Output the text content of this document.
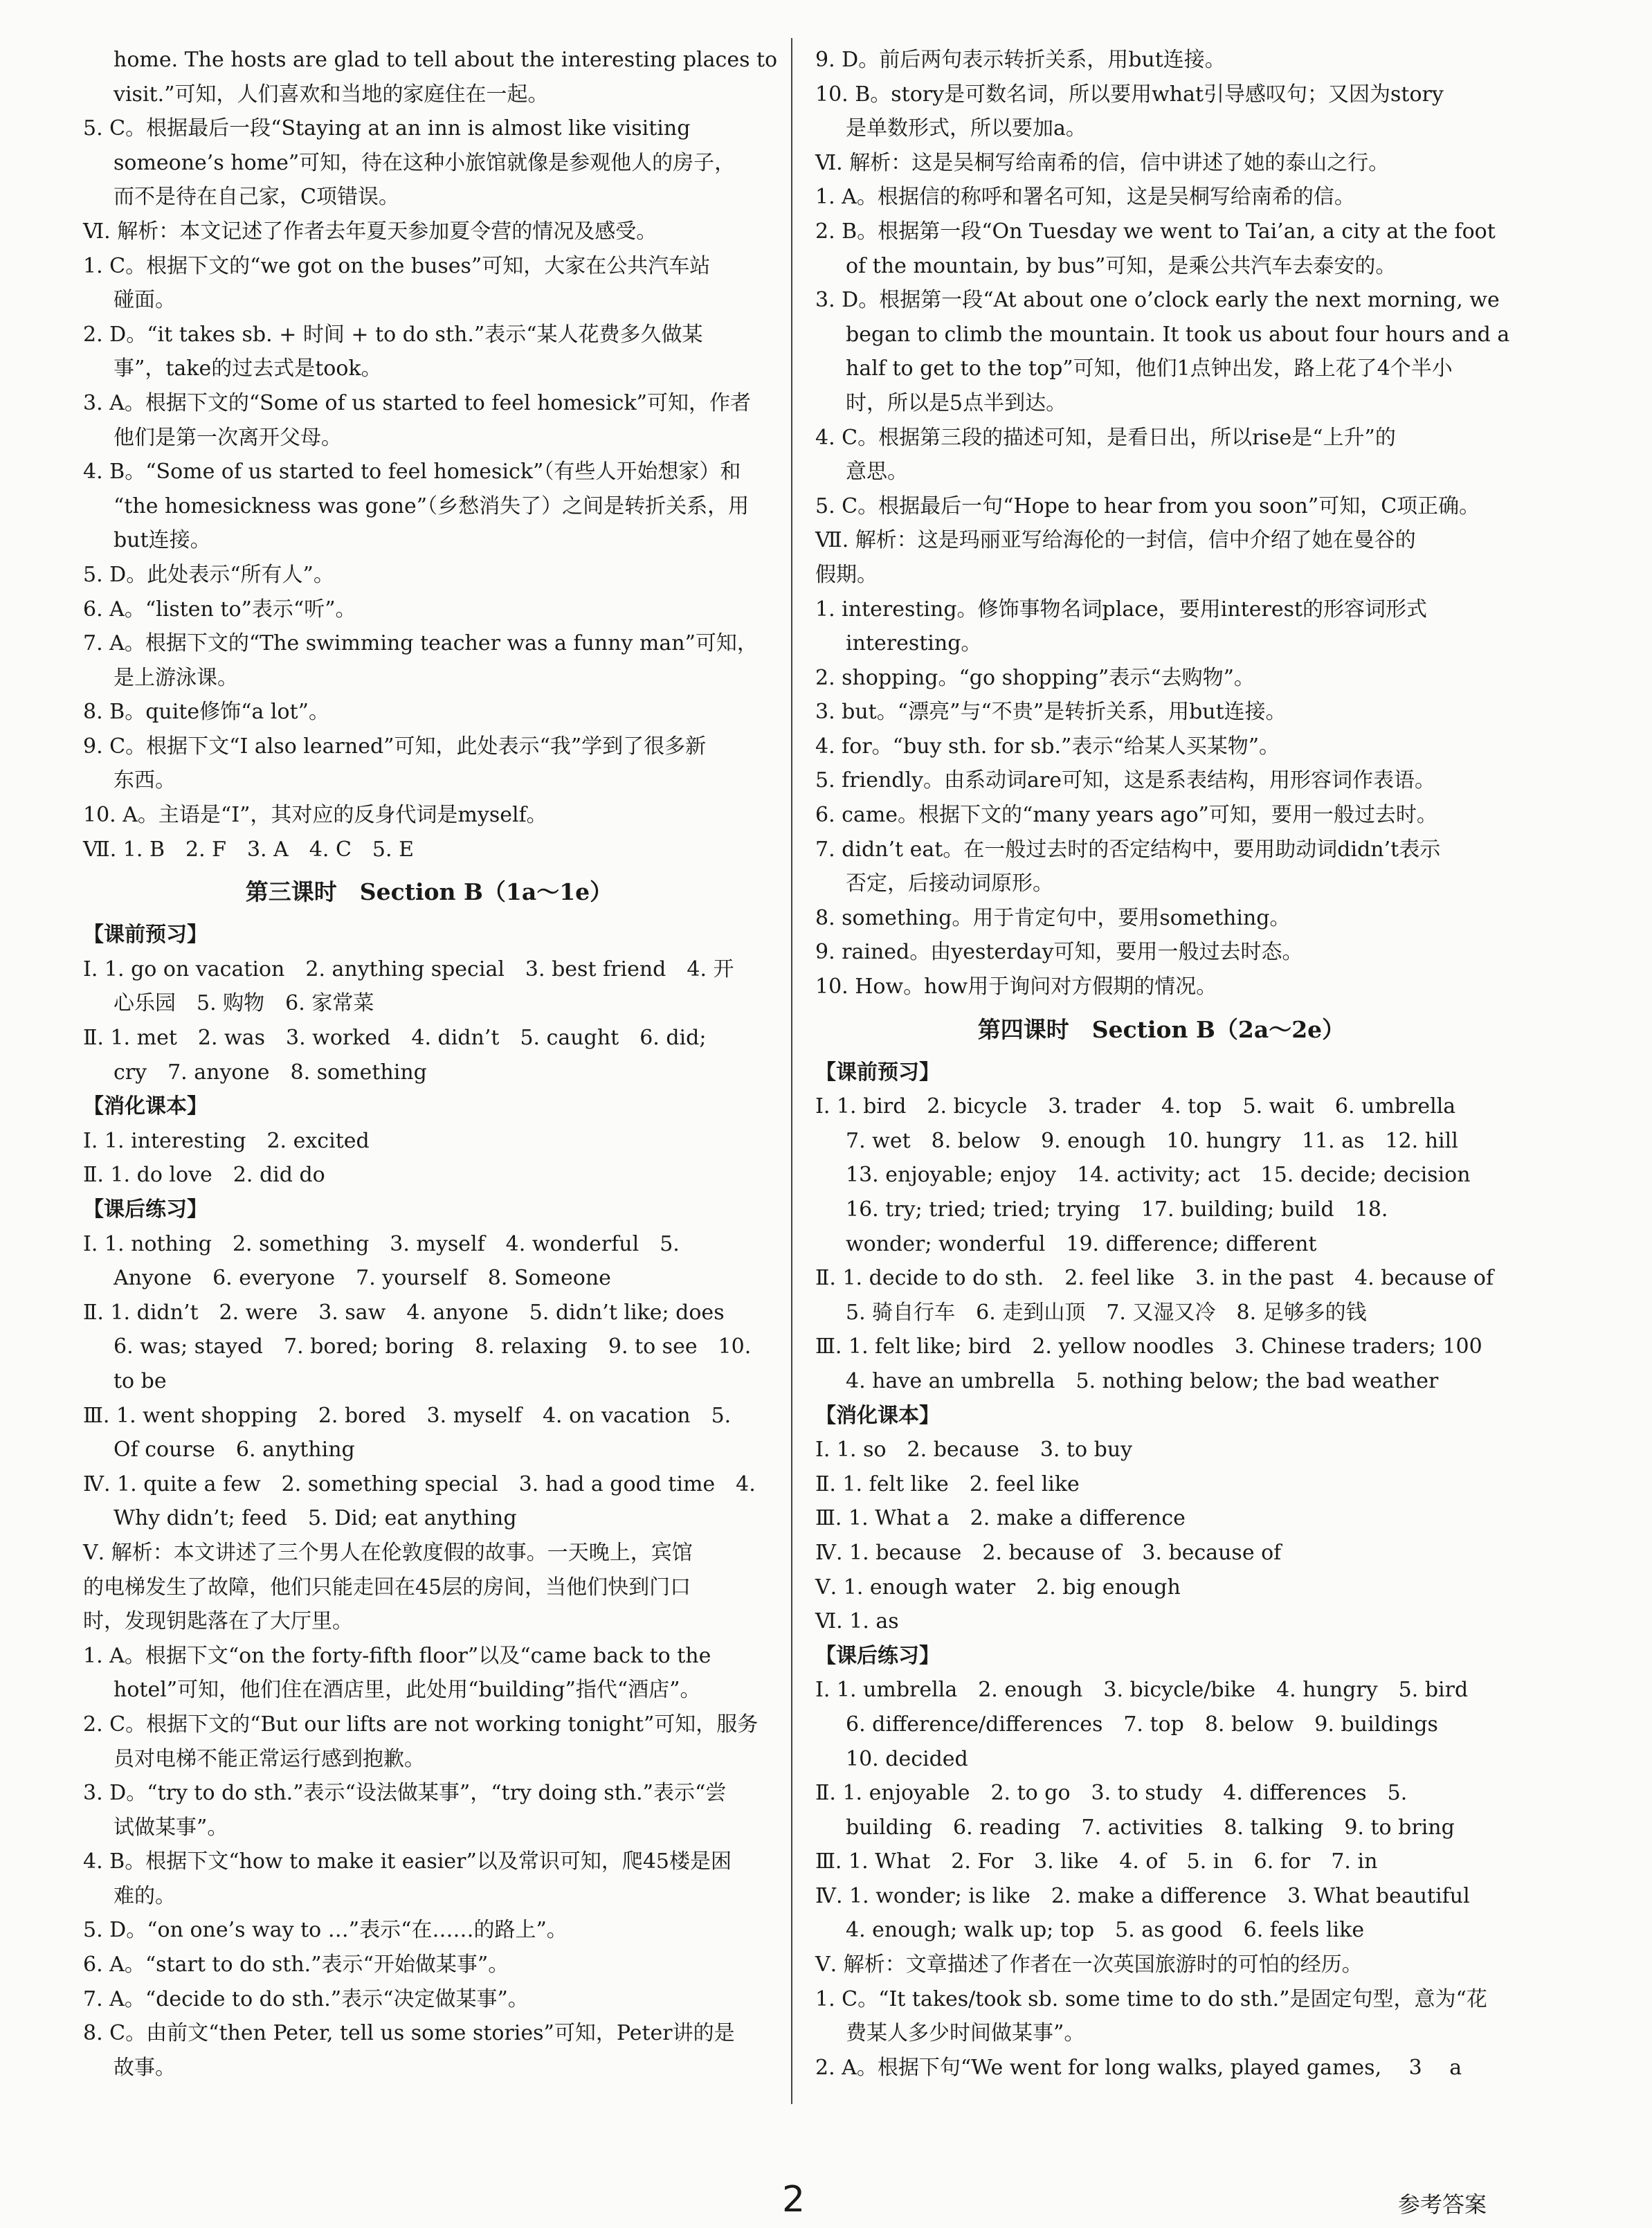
home. The hosts are glad to tell about the interesting places to
visit.”可知，人们喜欢和当地的家庭住在一起。
5. C。根据最后一段“Staying at an inn is almost like visiting
someone’s home”可知，待在这种小旅馆就像是参观他人的房子，
而不是待在自己家，C项错误。
Ⅵ. 解析：本文记述了作者去年夏天参加夏令营的情况及感受。
1. C。根据下文的“we got on the buses”可知，大家在公共汽车站
碰面。
2. D。“it takes sb. + 时间 + to do sth.”表示“某人花费多久做某
事”，take的过去式是took。
3. A。根据下文的“Some of us started to feel homesick”可知，作者
他们是第一次离开父母。
4. B。“Some of us started to feel homesick”（有些人开始想家）和
“the homesickness was gone”（乡愁消失了）之间是转折关系，用
but连接。
5. D。此处表示“所有人”。
6. A。“listen to”表示“听”。
7. A。根据下文的“The swimming teacher was a funny man”可知，
是上游泳课。
8. B。quite修饰“a lot”。
9. C。根据下文“I also learned”可知，此处表示“我”学到了很多新
东西。
10. A。主语是“I”，其对应的反身代词是myself。
Ⅶ. 1. B　2. F　3. A　4. C　5. E
第三课时　Section B（1a～1e）
【课前预习】
Ⅰ. 1. go on vacation　2. anything special　3. best friend　4. 开
心乐园　5. 购物　6. 家常菜
Ⅱ. 1. met　2. was　3. worked　4. didn’t　5. caught　6. did;
cry　7. anyone　8. something
【消化课本】
Ⅰ. 1. interesting　2. excited
Ⅱ. 1. do love　2. did do
【课后练习】
Ⅰ. 1. nothing　2. something　3. myself　4. wonderful　5.
Anyone　6. everyone　7. yourself　8. Someone
Ⅱ. 1. didn’t　2. were　3. saw　4. anyone　5. didn’t like; does
6. was; stayed　7. bored; boring　8. relaxing　9. to see　10.
to be
Ⅲ. 1. went shopping　2. bored　3. myself　4. on vacation　5.
Of course　6. anything
Ⅳ. 1. quite a few　2. something special　3. had a good time　4.
Why didn’t; feed　5. Did; eat anything
Ⅴ. 解析：本文讲述了三个男人在伦敦度假的故事。一天晚上，宾馆
的电梯发生了故障，他们只能走回在45层的房间，当他们快到门口
时，发现钥匙落在了大厅里。
1. A。根据下文“on the forty-fifth floor”以及“came back to the
hotel”可知，他们住在酒店里，此处用“building”指代“酒店”。
2. C。根据下文的“But our lifts are not working tonight”可知，服务
员对电梯不能正常运行感到抱歉。
3. D。“try to do sth.”表示“设法做某事”，“try doing sth.”表示“尝
试做某事”。
4. B。根据下文“how to make it easier”以及常识可知，爬45楼是困
难的。
5. D。“on one’s way to …”表示“在……的路上”。
6. A。“start to do sth.”表示“开始做某事”。
7. A。“decide to do sth.”表示“决定做某事”。
8. C。由前文“then Peter, tell us some stories”可知，Peter讲的是
故事。
9. D。前后两句表示转折关系，用but连接。
10. B。story是可数名词，所以要用what引导感叹句；又因为story
是单数形式，所以要加a。
Ⅵ. 解析：这是吴桐写给南希的信，信中讲述了她的泰山之行。
1. A。根据信的称呼和署名可知，这是吴桐写给南希的信。
2. B。根据第一段“On Tuesday we went to Tai’an, a city at the foot
of the mountain, by bus”可知，是乘公共汽车去泰安的。
3. D。根据第一段“At about one o’clock early the next morning, we
began to climb the mountain. It took us about four hours and a
half to get to the top”可知，他们1点钟出发，路上花了4个半小
时，所以是5点半到达。
4. C。根据第三段的描述可知，是看日出，所以rise是“上升”的
意思。
5. C。根据最后一句“Hope to hear from you soon”可知，C项正确。
Ⅶ. 解析：这是玛丽亚写给海伦的一封信，信中介绍了她在曼谷的
假期。
1. interesting。修饰事物名词place，要用interest的形容词形式
interesting。
2. shopping。“go shopping”表示“去购物”。
3. but。“漂亮”与“不贵”是转折关系，用but连接。
4. for。“buy sth. for sb.”表示“给某人买某物”。
5. friendly。由系动词are可知，这是系表结构，用形容词作表语。
6. came。根据下文的“many years ago”可知，要用一般过去时。
7. didn’t eat。在一般过去时的否定结构中，要用助动词didn’t表示
否定，后接动词原形。
8. something。用于肯定句中，要用something。
9. rained。由yesterday可知，要用一般过去时态。
10. How。how用于询问对方假期的情况。
第四课时　Section B（2a～2e）
【课前预习】
Ⅰ. 1. bird　2. bicycle　3. trader　4. top　5. wait　6. umbrella
7. wet　8. below　9. enough　10. hungry　11. as　12. hill
13. enjoyable; enjoy　14. activity; act　15. decide; decision
16. try; tried; tried; trying　17. building; build　18.
wonder; wonderful　19. difference; different
Ⅱ. 1. decide to do sth.　2. feel like　3. in the past　4. because of
5. 骑自行车　6. 走到山顶　7. 又湿又冷　8. 足够多的钱
Ⅲ. 1. felt like; bird　2. yellow noodles　3. Chinese traders; 100
4. have an umbrella　5. nothing below; the bad weather
【消化课本】
Ⅰ. 1. so　2. because　3. to buy
Ⅱ. 1. felt like　2. feel like
Ⅲ. 1. What a　2. make a difference
Ⅳ. 1. because　2. because of　3. because of
Ⅴ. 1. enough water　2. big enough
Ⅵ. 1. as
【课后练习】
Ⅰ. 1. umbrella　2. enough　3. bicycle/bike　4. hungry　5. bird
6. difference/differences　7. top　8. below　9. buildings
10. decided
Ⅱ. 1. enjoyable　2. to go　3. to study　4. differences　5.
building　6. reading　7. activities　8. talking　9. to bring
Ⅲ. 1. What　2. For　3. like　4. of　5. in　6. for　7. in
Ⅳ. 1. wonder; is like　2. make a difference　3. What beautiful
4. enough; walk up; top　5. as good　6. feels like
Ⅴ. 解析：文章描述了作者在一次英国旅游时的可怕的经历。
1. C。“It takes/took sb. some time to do sth.”是固定句型，意为“花
费某人多少时间做某事”。
2. A。根据下句“We went for long walks, played games, 　3　 a
2	参考答案
